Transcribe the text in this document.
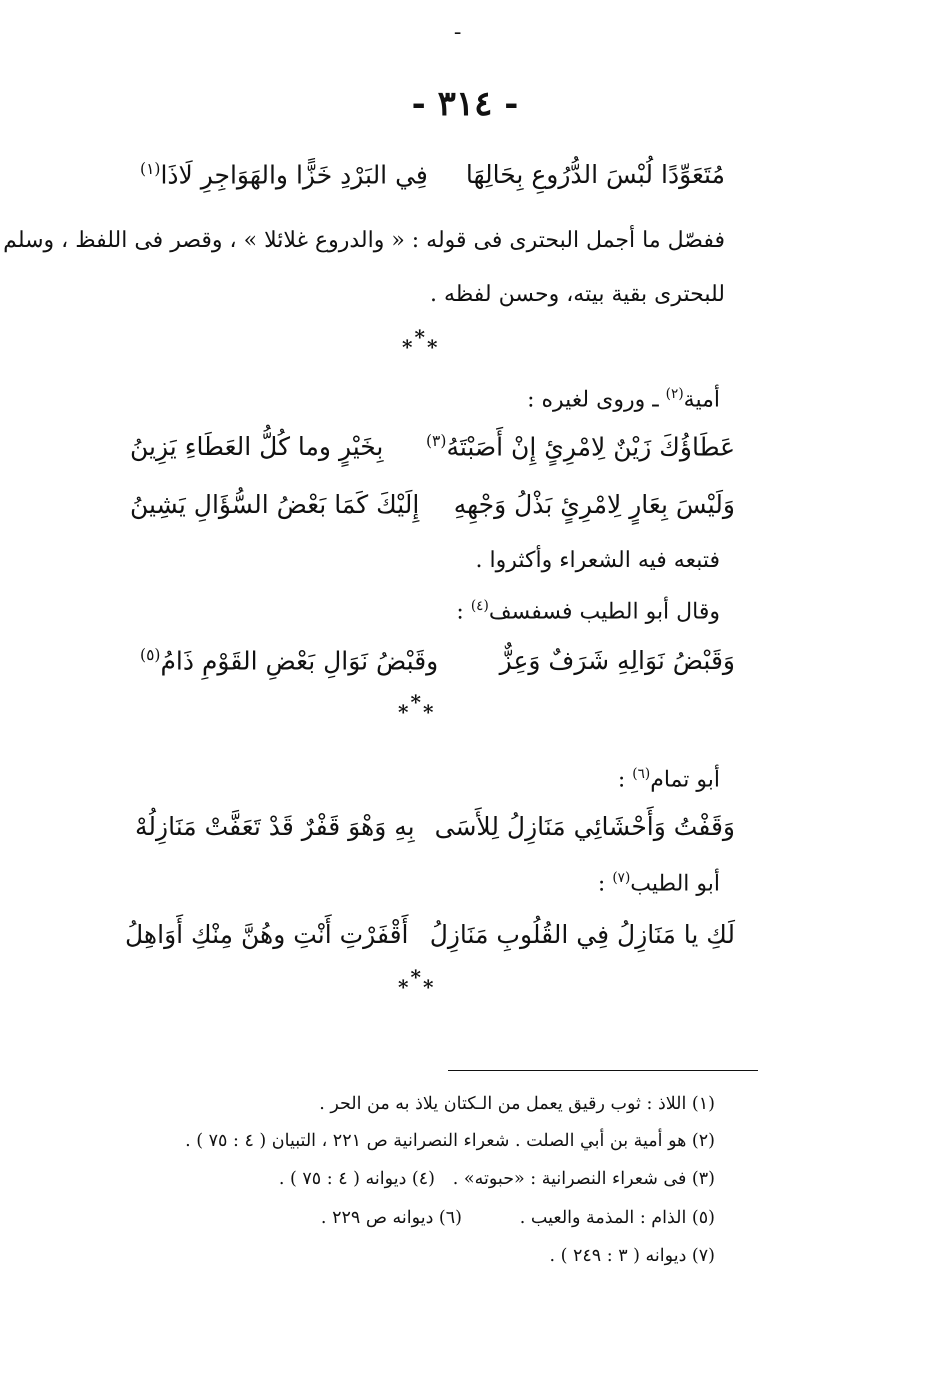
ـ
- ٣١٤ -
مُتَعَوِّدًا لُبْسَ الدُّرُوعِ بِحَالِهَا
فِي البَرْدِ خَزًّا والهَوَاجِرِ لَاذَا$^{(١)}$
ففصّل ما أجمل البحترى فى قوله : « والدروع غلائلا » ، وقصر فى اللفظ ، وسلم
للبحترى بقية بيته، وحسن لفظه .
***
أمية$^{(٢)}$ ـ وروى لغيره :
عَطَاؤُكَ زَيْنٌ لِامْرِئٍ إِنْ أَصَبْتَهُ$^{(٣)}$
بِخَيْرٍ وما كُلُّ العَطَاءِ يَزِينُ
وَلَيْسَ بِعَارٍ لِامْرِئٍ بَذْلُ وَجْهِهِ
إِلَيْكَ كَمَا بَعْضُ السُّؤَالِ يَشِينُ
فتبعه فيه الشعراء وأكثروا .
وقال أبو الطيب فسفسف$^{(٤)}$ :
وَقَبْضُ نَوَالِهِ شَرَفٌ وَعِزٌّ
وقَبْضُ نَوَالِ بَعْضِ القَوْمِ ذَامُ$^{(٥)}$
***
أبو تمام$^{(٦)}$ :
وَقَفْتُ وَأَحْشَائِي مَنَازِلُ لِلأَسَى
بِهِ وَهْوَ قَفْرٌ قَدْ تَعَفَّتْ مَنَازِلُهْ
أبو الطيب$^{(٧)}$ :
لَكِ يا مَنَازِلُ فِي القُلُوبِ مَنَازِلُ
أَقْفَرْتِ أَنْتِ وهُنَّ مِنْكِ أَوَاهِلُ
***
(١) اللاذ : ثوب رقيق يعمل من الـكتان يلاذ به من الحر .
(٢) هو أمية بن أبي الصلت . شعراء النصرانية ص ٢٢١ ، التبيان ( ٤ : ٧٥ ) .
(٣) فى شعراء النصرانية : «حبوته» .
(٤) ديوانه ( ٤ : ٧٥ ) .
(٥) الذام : المذمة والعيب .
(٦) ديوانه ص ٢٢٩ .
(٧) ديوانه ( ٣ : ٢٤٩ ) .
